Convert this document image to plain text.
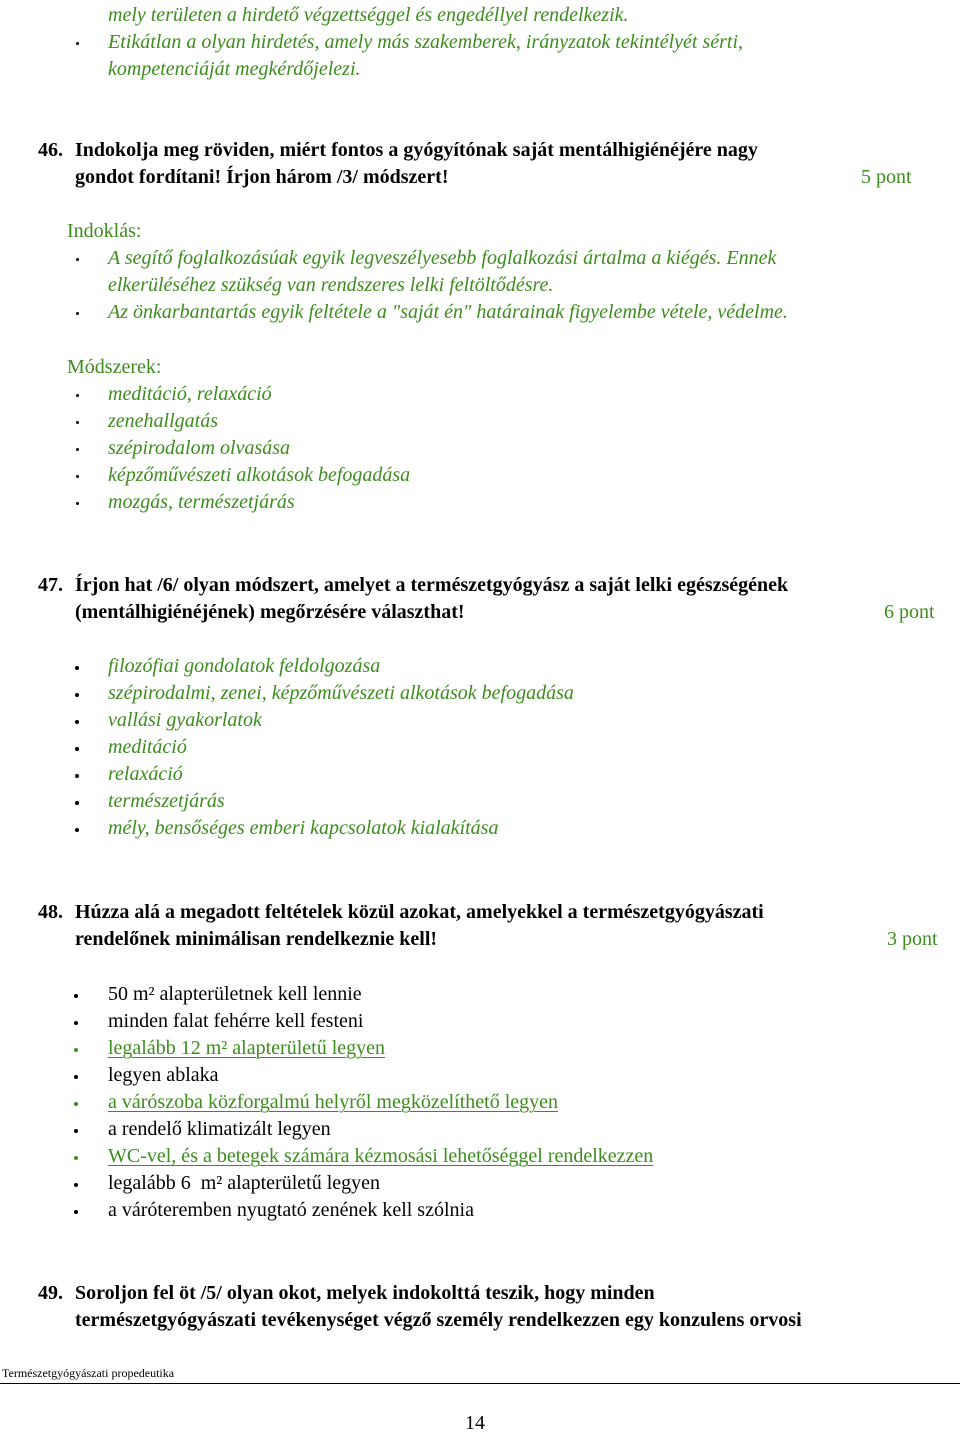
mely területen a hirdető végzettséggel és engedéllyel rendelkezik.
Etikátlan a olyan hirdetés, amely más szakemberek, irányzatok tekintélyét sérti,
kompetenciáját megkérdőjelezi.
46. Indokolja meg röviden, miért fontos a gyógyítónak saját mentálhigiénéjére nagy
gondot fordítani! Írjon három /3/ módszert!	5 pont
Indoklás:
A segítő foglalkozásúak egyik legveszélyesebb foglalkozási ártalma a kiégés. Ennek
elkerüléséhez szükség van rendszeres lelki feltöltődésre.
Az önkarbantartás egyik feltétele a "saját én" határainak figyelembe vétele, védelme.
Módszerek:
meditáció, relaxáció
zenehallgatás
szépirodalom olvasása
képzőművészeti alkotások befogadása
mozgás, természetjárás
47. Írjon hat /6/ olyan módszert, amelyet a természetgyógyász a saját lelki egészségének
(mentálhigiénéjének) megőrzésére választhat!	6 pont
filozófiai gondolatok feldolgozása
szépirodalmi, zenei, képzőművészeti alkotások befogadása
vallási gyakorlatok
meditáció
relaxáció
természetjárás
mély, bensőséges emberi kapcsolatok kialakítása
48. Húzza alá a megadott feltételek közül azokat, amelyekkel a természetgyógyászati
rendelőnek minimálisan rendelkeznie kell!	3 pont
50 m² alapterületnek kell lennie
minden falat fehérre kell festeni
legalább 12 m² alapterületű legyen
legyen ablaka
a várószoba közforgalmú helyről megközelíthető legyen
a rendelő klimatizált legyen
WC-vel, és a betegek számára kézmosási lehetőséggel rendelkezzen
legalább 6  m² alapterületű legyen
a váróteremben nyugtató zenének kell szólnia
49. Soroljon fel öt /5/ olyan okot, melyek indokolttá teszik, hogy minden
természetgyógyászati tevékenységet végző személy rendelkezzen egy konzulens orvosi
Természetgyógyászati propedeutika
14
